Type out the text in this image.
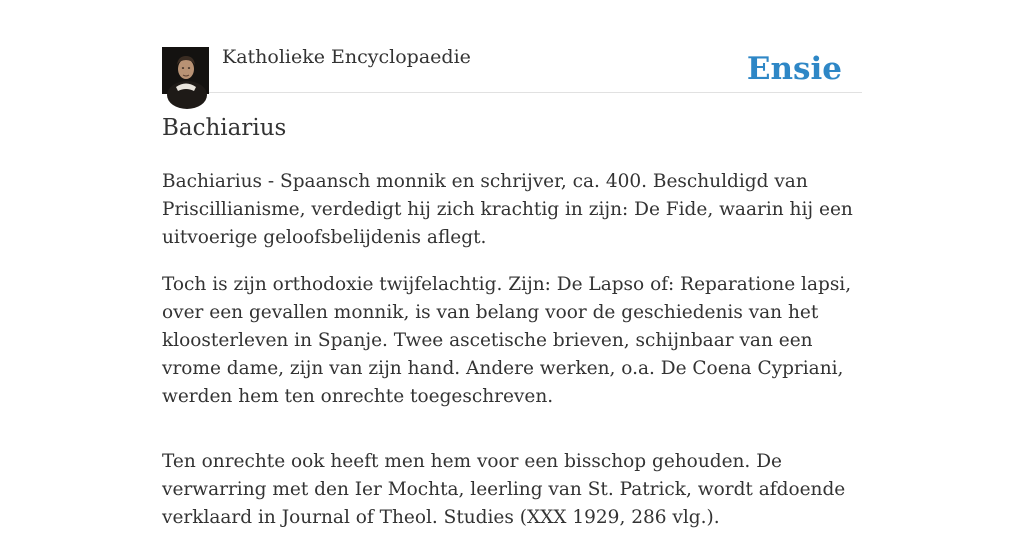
Katholieke Encyclopaedie	Ensie
Bachiarius

Bachiarius - Spaansch monnik en schrijver, ca. 400. Beschuldigd van Priscillianisme, verdedigt hij zich krachtig in zijn: De Fide, waarin hij een uitvoerige geloofsbelijdenis aflegt.

Toch is zijn orthodoxie twijfelachtig. Zijn: De Lapso of: Reparatione lapsi, over een gevallen monnik, is van belang voor de geschiedenis van het kloosterleven in Spanje. Twee ascetische brieven, schijnbaar van een vrome dame, zijn van zijn hand. Andere werken, o.a. De Coena Cypriani, werden hem ten onrechte toegeschreven.

Ten onrechte ook heeft men hem voor een bisschop gehouden. De verwarring met den Ier Mochta, leerling van St. Patrick, wordt afdoende verklaard in Journal of Theol. Studies (XXX 1929, 286 vlg.).
